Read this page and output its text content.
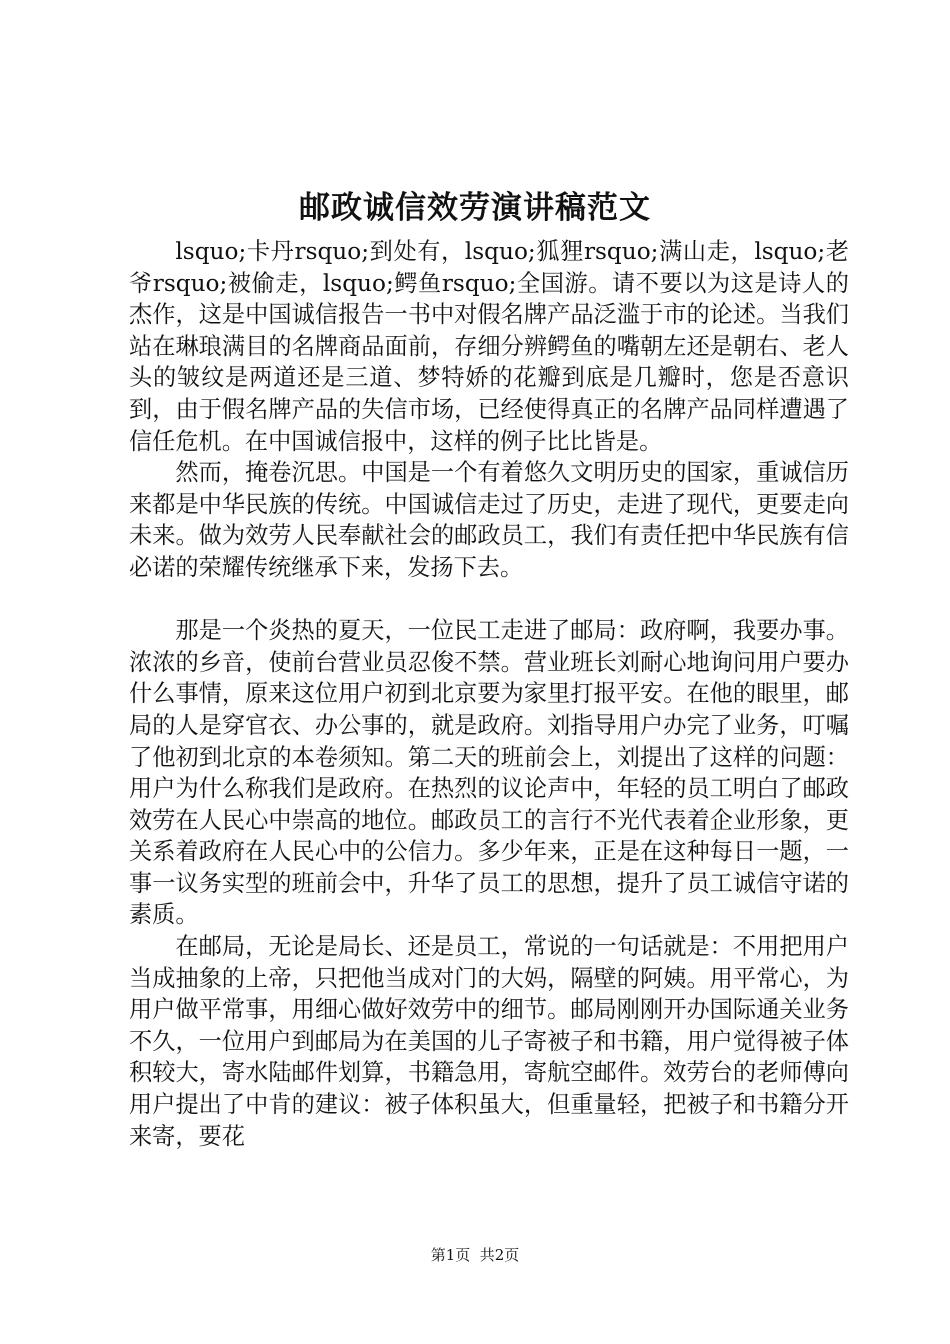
邮政诚信效劳演讲稿范文

lsquo;卡丹rsquo;到处有，lsquo;狐狸rsquo;满山走，lsquo;老爷rsquo;被偷走，lsquo;鳄鱼rsquo;全国游。请不要以为这是诗人的杰作，这是中国诚信报告一书中对假名牌产品泛滥于市的论述。当我们站在琳琅满目的名牌商品面前，存细分辨鳄鱼的嘴朝左还是朝右、老人头的皱纹是两道还是三道、梦特娇的花瓣到底是几瓣时，您是否意识到，由于假名牌产品的失信市场，已经使得真正的名牌产品同样遭遇了信任危机。在中国诚信报中，这样的例子比比皆是。

然而，掩卷沉思。中国是一个有着悠久文明历史的国家，重诚信历来都是中华民族的传统。中国诚信走过了历史，走进了现代，更要走向未来。做为效劳人民奉献社会的邮政员工，我们有责任把中华民族有信必诺的荣耀传统继承下来，发扬下去。

那是一个炎热的夏天，一位民工走进了邮局：政府啊，我要办事。浓浓的乡音，使前台营业员忍俊不禁。营业班长刘耐心地询问用户要办什么事情，原来这位用户初到北京要为家里打报平安。在他的眼里，邮局的人是穿官衣、办公事的，就是政府。刘指导用户办完了业务，叮嘱了他初到北京的本卷须知。第二天的班前会上，刘提出了这样的问题：用户为什么称我们是政府。在热烈的议论声中，年轻的员工明白了邮政效劳在人民心中崇高的地位。邮政员工的言行不光代表着企业形象，更关系着政府在人民心中的公信力。多少年来，正是在这种每日一题，一事一议务实型的班前会中，升华了员工的思想，提升了员工诚信守诺的素质。

在邮局，无论是局长、还是员工，常说的一句话就是：不用把用户当成抽象的上帝，只把他当成对门的大妈，隔壁的阿姨。用平常心，为用户做平常事，用细心做好效劳中的细节。邮局刚刚开办国际通关业务不久，一位用户到邮局为在美国的儿子寄被子和书籍，用户觉得被子体积较大，寄水陆邮件划算，书籍急用，寄航空邮件。效劳台的老师傅向用户提出了中肯的建议：被子体积虽大，但重量轻，把被子和书籍分开来寄，要花

第1页  共2页
